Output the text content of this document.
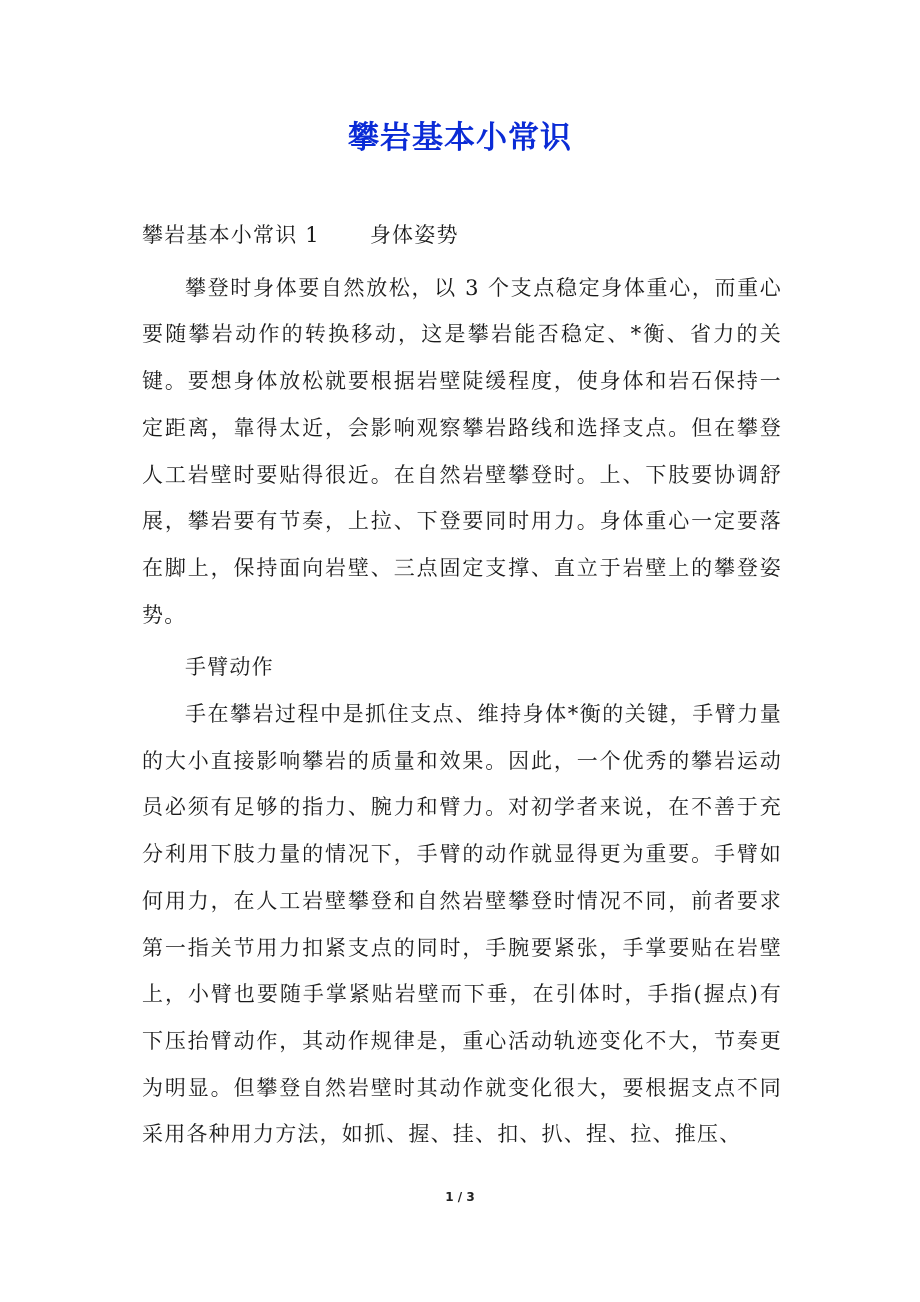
攀岩基本小常识

攀岩基本小常识 1 身体姿势

攀登时身体要自然放松，以 3 个支点稳定身体重心，而重心要随攀岩动作的转换移动，这是攀岩能否稳定、*衡、省力的关键。要想身体放松就要根据岩壁陡缓程度，使身体和岩石保持一定距离，靠得太近，会影响观察攀岩路线和选择支点。但在攀登人工岩壁时要贴得很近。在自然岩壁攀登时。上、下肢要协调舒展，攀岩要有节奏，上拉、下登要同时用力。身体重心一定要落在脚上，保持面向岩壁、三点固定支撑、直立于岩壁上的攀登姿势。

手臂动作

手在攀岩过程中是抓住支点、维持身体*衡的关键，手臂力量的大小直接影响攀岩的质量和效果。因此，一个优秀的攀岩运动员必须有足够的指力、腕力和臂力。对初学者来说，在不善于充分利用下肢力量的情况下，手臂的动作就显得更为重要。手臂如何用力，在人工岩壁攀登和自然岩壁攀登时情况不同，前者要求第一指关节用力扣紧支点的同时，手腕要紧张，手掌要贴在岩壁上，小臂也要随手掌紧贴岩壁而下垂，在引体时，手指(握点)有下压抬臂动作，其动作规律是，重心活动轨迹变化不大，节奏更为明显。但攀登自然岩壁时其动作就变化很大，要根据支点不同采用各种用力方法，如抓、握、挂、扣、扒、捏、拉、推压、

1 / 3
